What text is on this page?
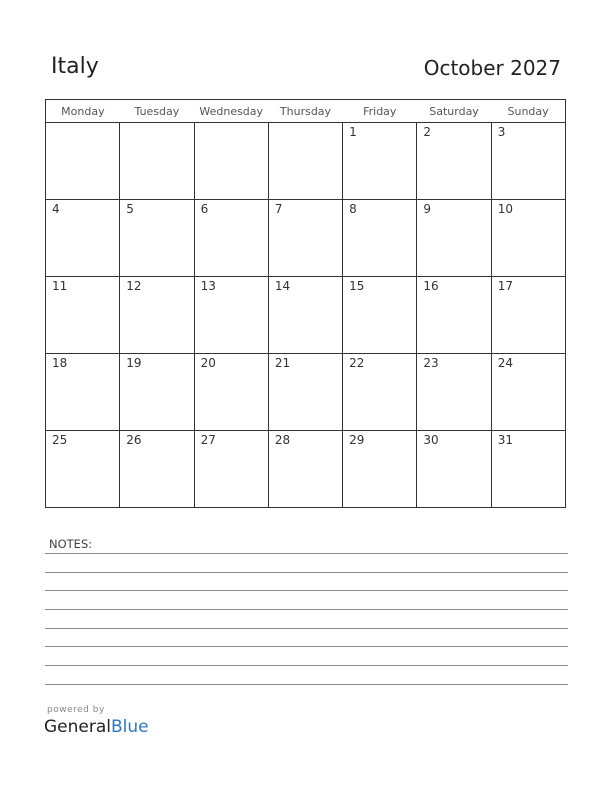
Italy	October 2027
Monday	Tuesday	Wednesday	Thursday	Friday	Saturday	Sunday

				1	2	3

4	5	6	7	8	9	10

11	12	13	14	15	16	17

18	19	20	21	22	23	24

25	26	27	28	29	30	31
NOTES:
powered by
GeneralBlue
